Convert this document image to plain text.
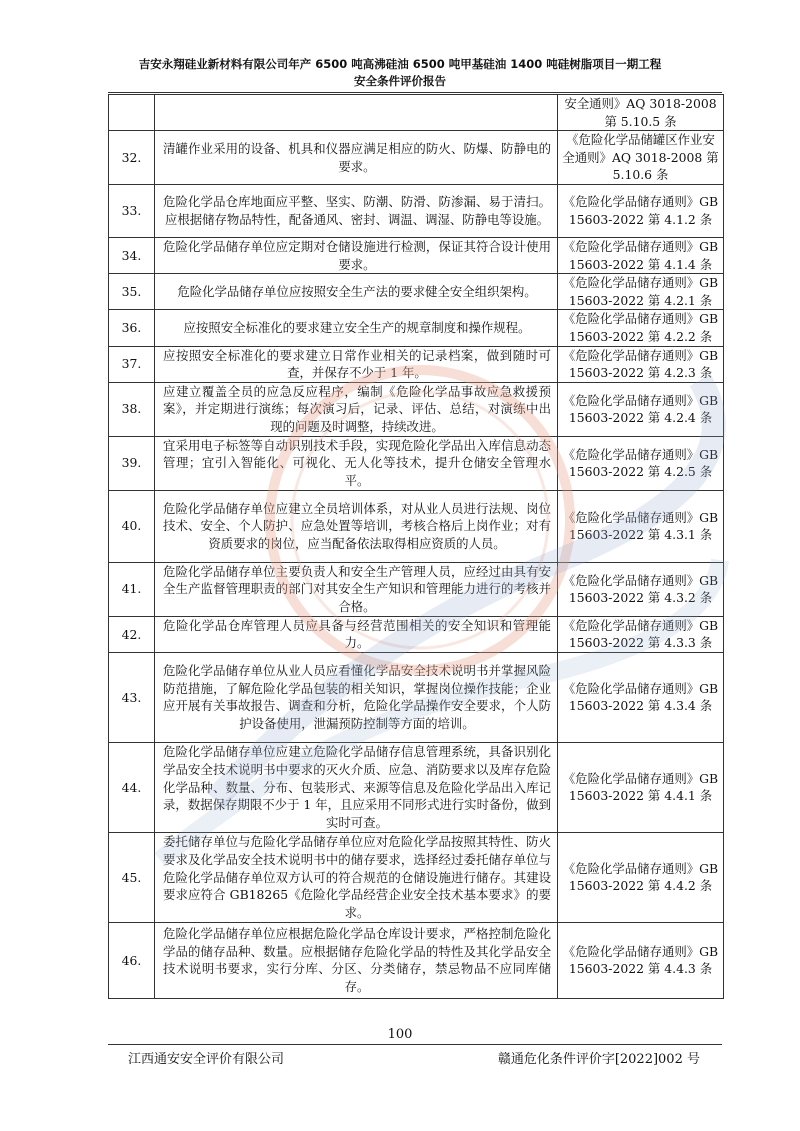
吉安永翔硅业新材料有限公司年产 6500 吨高沸硅油 6500 吨甲基硅油 1400 吨硅树脂项目一期工程
安全条件评价报告
		安全通则》AQ 3018-2008 第 5.10.5 条
32.	清罐作业采用的设备、机具和仪器应满足相应的防火、防爆、防静电的要求。	《危险化学品储罐区作业安全通则》AQ 3018-2008 第 5.10.6 条
33.	危险化学品仓库地面应平整、坚实、防潮、防滑、防渗漏、易于清扫。应根据储存物品特性，配备通风、密封、调温、调湿、防静电等设施。	《危险化学品储存通则》GB 15603-2022 第 4.1.2 条
34.	危险化学品储存单位应定期对仓储设施进行检测，保证其符合设计使用要求。	《危险化学品储存通则》GB 15603-2022 第 4.1.4 条
35.	危险化学品储存单位应按照安全生产法的要求健全安全组织架构。	《危险化学品储存通则》GB 15603-2022 第 4.2.1 条
36.	应按照安全标准化的要求建立安全生产的规章制度和操作规程。	《危险化学品储存通则》GB 15603-2022 第 4.2.2 条
37.	应按照安全标准化的要求建立日常作业相关的记录档案，做到随时可查，并保存不少于 1 年。	《危险化学品储存通则》GB 15603-2022 第 4.2.3 条
38.	应建立覆盖全员的应急反应程序，编制《危险化学品事故应急救援预案》，并定期进行演练；每次演习后，记录、评估、总结，对演练中出现的问题及时调整，持续改进。	《危险化学品储存通则》GB 15603-2022 第 4.2.4 条
39.	宜采用电子标签等自动识别技术手段，实现危险化学品出入库信息动态管理；宜引入智能化、可视化、无人化等技术，提升仓储安全管理水平。	《危险化学品储存通则》GB 15603-2022 第 4.2.5 条
40.	危险化学品储存单位应建立全员培训体系，对从业人员进行法规、岗位技术、安全、个人防护、应急处置等培训，考核合格后上岗作业；对有资质要求的岗位，应当配备依法取得相应资质的人员。	《危险化学品储存通则》GB 15603-2022 第 4.3.1 条
41.	危险化学品储存单位主要负责人和安全生产管理人员，应经过由具有安全生产监督管理职责的部门对其安全生产知识和管理能力进行的考核并合格。	《危险化学品储存通则》GB 15603-2022 第 4.3.2 条
42.	危险化学品仓库管理人员应具备与经营范围相关的安全知识和管理能力。	《危险化学品储存通则》GB 15603-2022 第 4.3.3 条
43.	危险化学品储存单位从业人员应看懂化学品安全技术说明书并掌握风险防范措施，了解危险化学品包装的相关知识，掌握岗位操作技能；企业应开展有关事故报告、调查和分析，危险化学品操作安全要求，个人防护设备使用，泄漏预防控制等方面的培训。	《危险化学品储存通则》GB 15603-2022 第 4.3.4 条
44.	危险化学品储存单位应建立危险化学品储存信息管理系统，具备识别化学品安全技术说明书中要求的灭火介质、应急、消防要求以及库存危险化学品种、数量、分布、包装形式、来源等信息及危险化学品出入库记录，数据保存期限不少于 1 年，且应采用不同形式进行实时备份，做到实时可查。	《危险化学品储存通则》GB 15603-2022 第 4.4.1 条
45.	委托储存单位与危险化学品储存单位应对危险化学品按照其特性、防火要求及化学品安全技术说明书中的储存要求，选择经过委托储存单位与危险化学品储存单位双方认可的符合规范的仓储设施进行储存。其建设要求应符合 GB18265《危险化学品经营企业安全技术基本要求》的要求。	《危险化学品储存通则》GB 15603-2022 第 4.4.2 条
46.	危险化学品储存单位应根据危险化学品仓库设计要求，严格控制危险化学品的储存品种、数量。应根据储存危险化学品的特性及其化学品安全技术说明书要求，实行分库、分区、分类储存，禁忌物品不应同库储存。	《危险化学品储存通则》GB 15603-2022 第 4.4.3 条
100
江西通安安全评价有限公司	赣通危化条件评价字[2022]002 号
